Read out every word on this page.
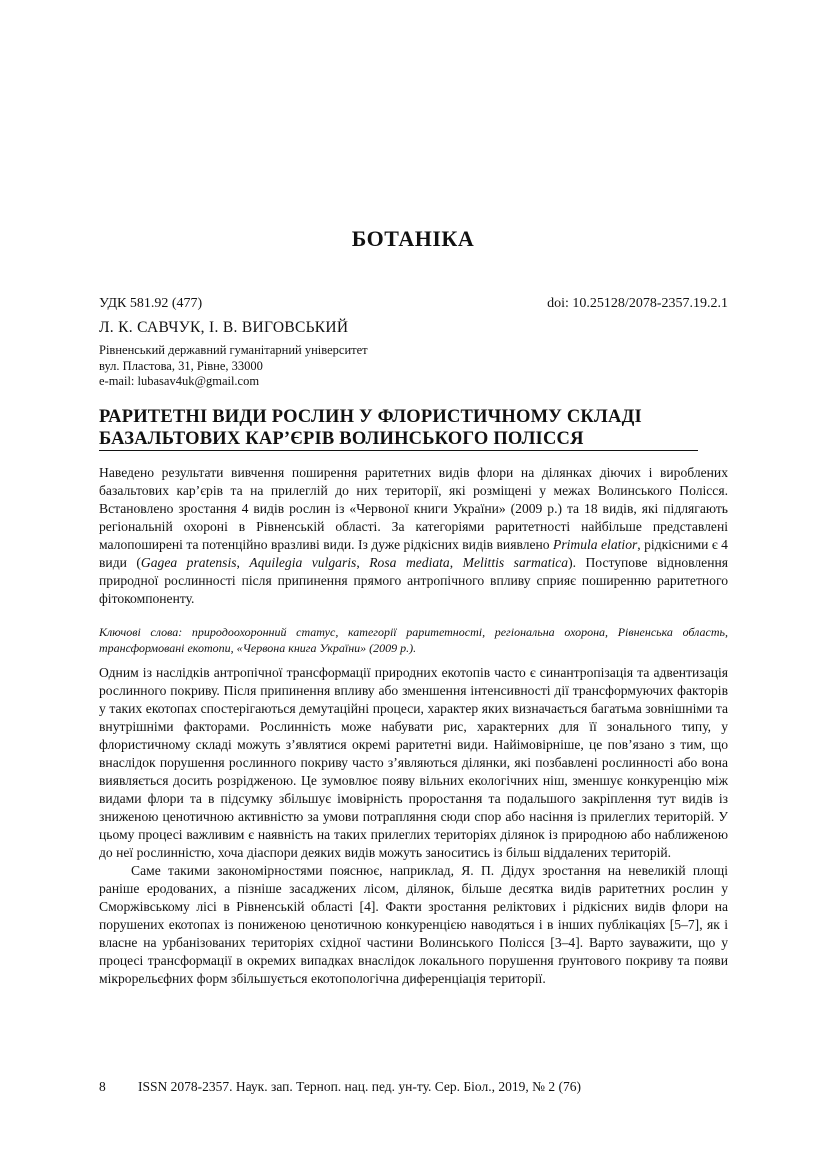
БОТАНІКА
УДК 581.92 (477)	doi: 10.25128/2078-2357.19.2.1
Л. К. САВЧУК, І. В. ВИГОВСЬКИЙ
Рівненський державний гуманітарний університет
вул. Пластова, 31, Рівне, 33000
e-mail: lubasav4uk@gmail.com
РАРИТЕТНІ ВИДИ РОСЛИН У ФЛОРИСТИЧНОМУ СКЛАДІ
БАЗАЛЬТОВИХ КАР’ЄРІВ ВОЛИНСЬКОГО ПОЛІССЯ
Наведено результати вивчення поширення раритетних видів флори на ділянках діючих і вироблених базальтових кар’єрів та на прилеглій до них території, які розміщені у межах Волинського Полісся. Встановлено зростання 4 видів рослин із «Червоної книги України» (2009 р.) та 18 видів, які підлягають регіональній охороні в Рівненській області. За категоріями раритетності найбільше представлені малопоширені та потенційно вразливі види. Із дуже рідкісних видів виявлено Primula elatior, рідкісними є 4 види (Gagea pratensis, Aquilegia vulgaris, Rosa mediata, Melittis sarmatica). Поступове відновлення природної рослинності після припинення прямого антропічного впливу сприяє поширенню раритетного фітокомпоненту.
Ключові слова: природоохоронний статус, категорії раритетності, регіональна охорона, Рівненська область, трансформовані екотопи, «Червона книга України» (2009 р.).

Одним із наслідків антропічної трансформації природних екотопів часто є синантропізація та адвентизація рослинного покриву. Після припинення впливу або зменшення інтенсивності дії трансформуючих факторів у таких екотопах спостерігаються демутаційні процеси, характер яких визначається багатьма зовнішніми та внутрішніми факторами. Рослинність може набувати рис, характерних для її зонального типу, у флористичному складі можуть з’являтися окремі раритетні види. Найімовірніше, це пов’язано з тим, що внаслідок порушення рослинного покриву часто з’являються ділянки, які позбавлені рослинності або вона виявляється досить розрідженою. Це зумовлює появу вільних екологічних ніш, зменшує конкуренцію між видами флори та в підсумку збільшує імовірність проростання та подальшого закріплення тут видів із зниженою ценотичною активністю за умови потрапляння сюди спор або насіння із прилеглих територій. У цьому процесі важливим є наявність на таких прилеглих територіях ділянок із природною або наближеною до неї рослинністю, хоча діаспори деяких видів можуть заноситись із більш віддалених територій.

Саме такими закономірностями пояснює, наприклад, Я. П. Дідух зростання на невеликій площі раніше еродованих, а пізніше засаджених лісом, ділянок, більше десятка видів раритетних рослин у Сморжівському лісі в Рівненській області [4]. Факти зростання реліктових і рідкісних видів флори на порушених екотопах із пониженою ценотичною конкуренцією наводяться і в інших публікаціях [5–7], як і власне на урбанізованих територіях східної частини Волинського Полісся [3–4]. Варто зауважити, що у процесі трансформації в окремих випадках внаслідок локального порушення ґрунтового покриву та появи мікрорельєфних форм збільшується екотопологічна диференціація території.

8 ISSN 2078-2357. Наук. зап. Терноп. нац. пед. ун-ту. Сер. Біол., 2019, № 2 (76)
